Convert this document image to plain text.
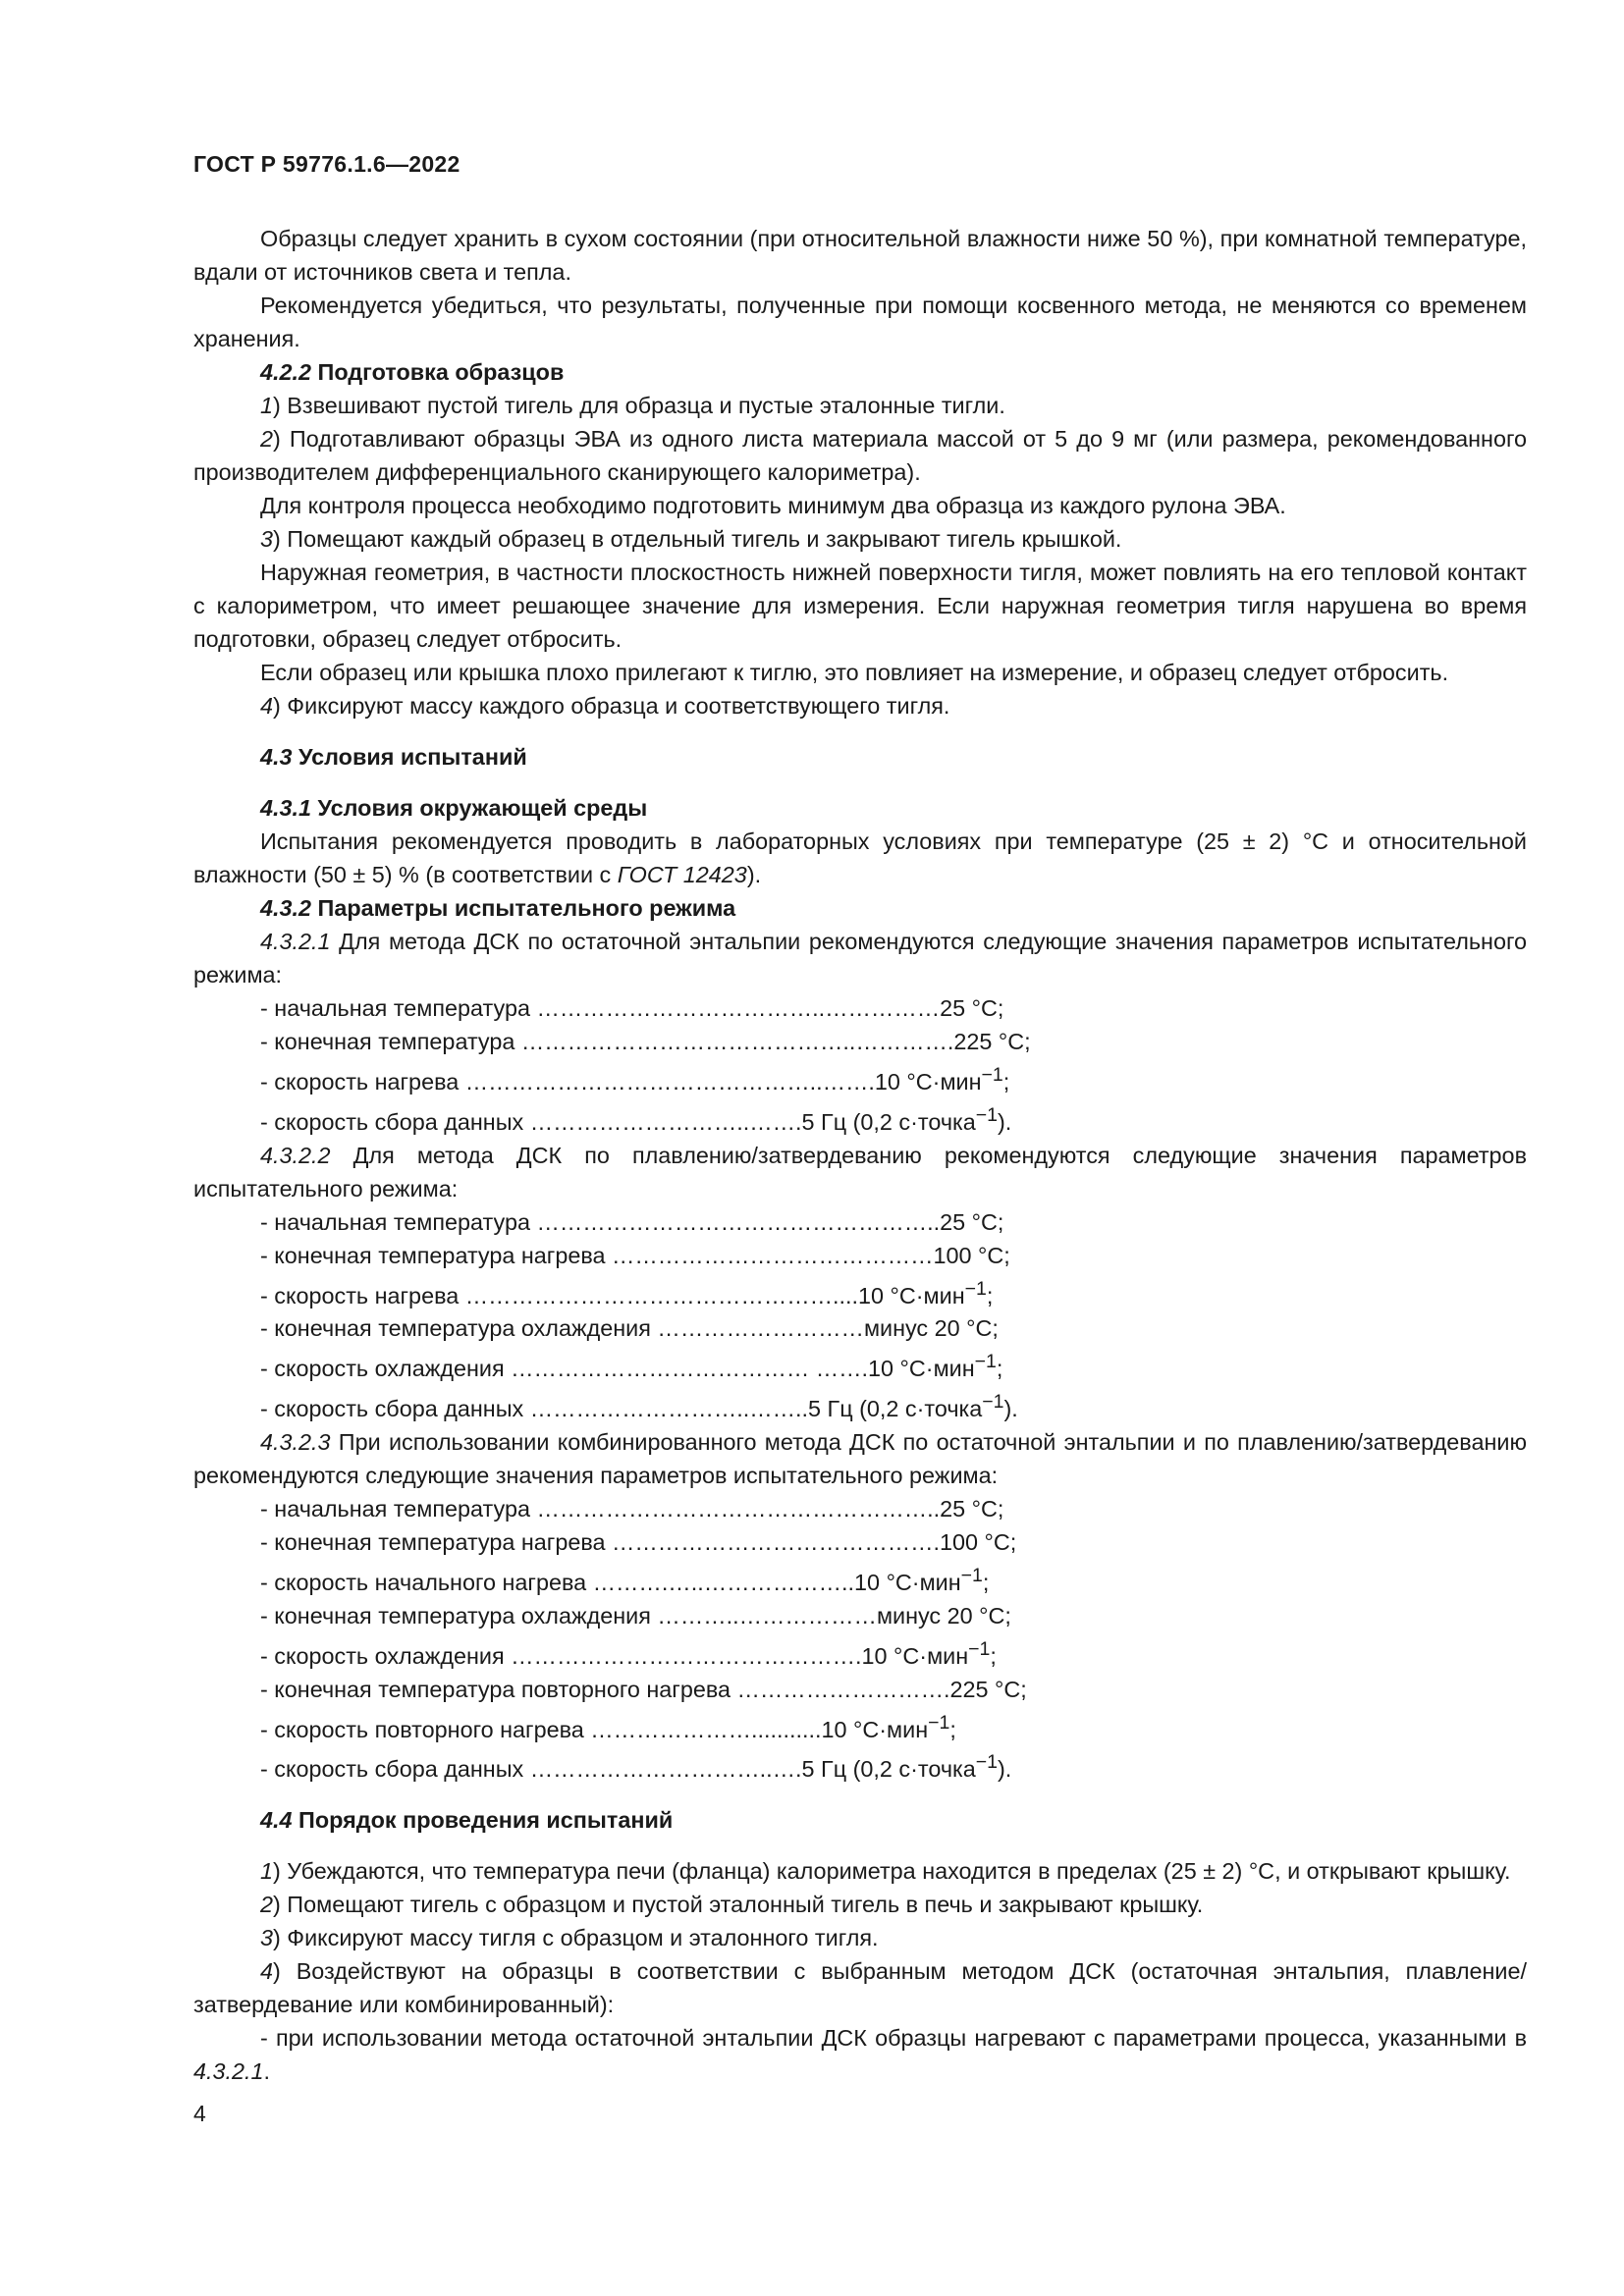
ГОСТ Р 59776.1.6—2022

Образцы следует хранить в сухом состоянии (при относительной влажности ниже 50 %), при комнатной температуре, вдали от источников света и тепла.

Рекомендуется убедиться, что результаты, полученные при помощи косвенного метода, не меняются со временем хранения.

4.2.2 Подготовка образцов

1) Взвешивают пустой тигель для образца и пустые эталонные тигли.

2) Подготавливают образцы ЭВА из одного листа материала массой от 5 до 9 мг (или размера, рекомендованного производителем дифференциального сканирующего калориметра).

Для контроля процесса необходимо подготовить минимум два образца из каждого рулона ЭВА.

3) Помещают каждый образец в отдельный тигель и закрывают тигель крышкой.

Наружная геометрия, в частности плоскостность нижней поверхности тигля, может повлиять на его тепловой контакт с калориметром, что имеет решающее значение для измерения. Если наружная геометрия тигля нарушена во время подготовки, образец следует отбросить.

Если образец или крышка плохо прилегают к тиглю, это повлияет на измерение, и образец следует отбросить.

4) Фиксируют массу каждого образца и соответствующего тигля.

4.3 Условия испытаний

4.3.1 Условия окружающей среды

Испытания рекомендуется проводить в лабораторных условиях при температуре (25 ± 2) °С и относительной влажности (50 ± 5) % (в соответствии с ГОСТ 12423).

4.3.2 Параметры испытательного режима

4.3.2.1 Для метода ДСК по остаточной энтальпии рекомендуются следующие значения параметров испытательного режима:

- начальная температура ………………………………..……………25 °С;

- конечная температура ……………………………………..………….225 °С;

- скорость нагрева ………………………………………..…….10 °С·мин$^{-1}$;

- скорость сбора данных ………………………..…….5 Гц (0,2 с·точка$^{-1}$).

4.3.2.2 Для метода ДСК по плавлению/затвердеванию рекомендуются следующие значения параметров испытательного режима:

- начальная температура ……………………………………………..25 °С;

- конечная температура нагрева ……………………………………100 °С;

- скорость нагрева …………………………………………....10 °С·мин$^{-1}$;

- конечная температура охлаждения ………………………минус 20 °С;

- скорость охлаждения ………………………………… …….10 °С·мин$^{-1}$;

- скорость сбора данных ………………………..……..5 Гц (0,2 с·точка$^{-1}$).

4.3.2.3 При использовании комбинированного метода ДСК по остаточной энтальпии и по плавлению/затвердеванию рекомендуются следующие значения параметров испытательного режима:

- начальная температура ……………………………………………..25 °С;

- конечная температура нагрева …………………………………….100 °С;

- скорость начального нагрева ……….…..………………..10 °С·мин$^{-1}$;

- конечная температура охлаждения ………..………………минус 20 °С;

- скорость охлаждения ……………………………………….10 °С·мин$^{-1}$;

- конечная температура повторного нагрева ……………………….225 °С;

- скорость повторного нагрева …………………...........10 °С·мин$^{-1}$;

- скорость сбора данных …………………………..….5 Гц (0,2 с·точка$^{-1}$).

4.4 Порядок проведения испытаний

1) Убеждаются, что температура печи (фланца) калориметра находится в пределах (25 ± 2) °С, и открывают крышку.

2) Помещают тигель с образцом и пустой эталонный тигель в печь и закрывают крышку.

3) Фиксируют массу тигля с образцом и эталонного тигля.

4) Воздействуют на образцы в соответствии с выбранным методом ДСК (остаточная энтальпия, плавление/затвердевание или комбинированный):

- при использовании метода остаточной энтальпии ДСК образцы нагревают с параметрами процесса, указанными в 4.3.2.1.

4
